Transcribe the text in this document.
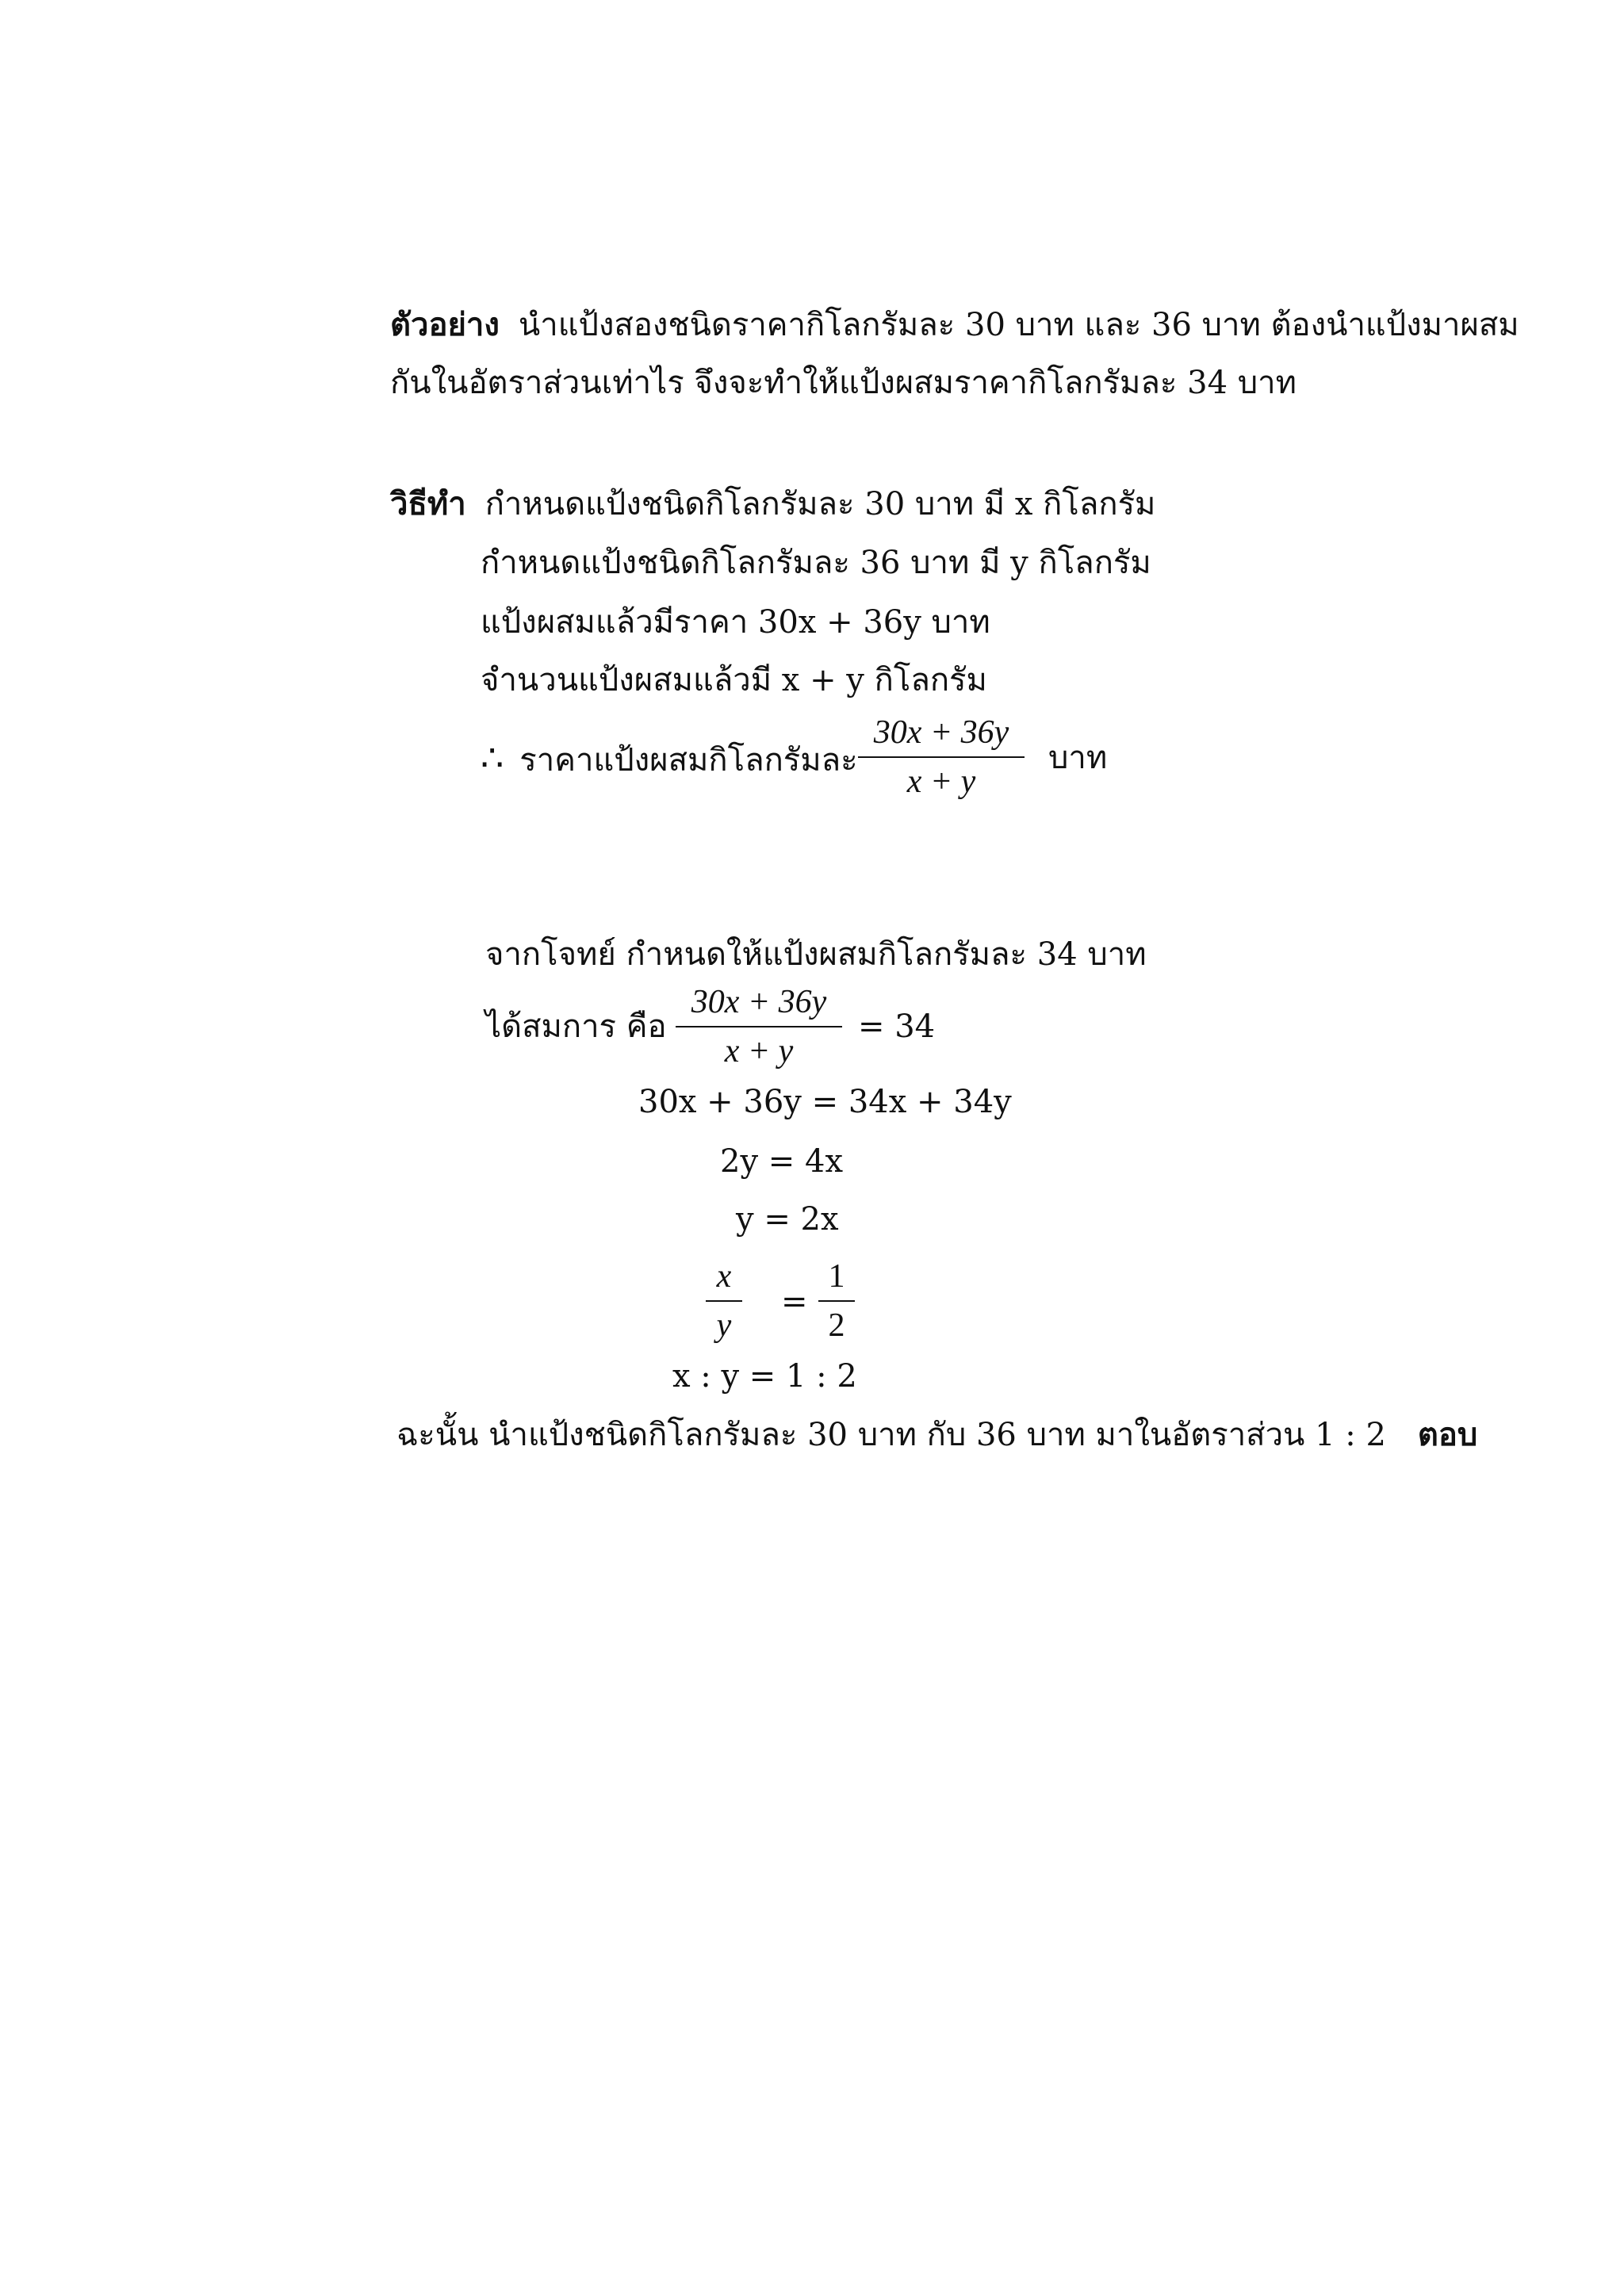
ตัวอย่าง นำแป้งสองชนิดราคากิโลกรัมละ 30 บาท และ 36 บาท ต้องนำแป้งมาผสม
กันในอัตราส่วนเท่าไร จึงจะทำให้แป้งผสมราคากิโลกรัมละ 34 บาท
วิธีทำ กำหนดแป้งชนิดกิโลกรัมละ 30 บาท มี x กิโลกรัม
กำหนดแป้งชนิดกิโลกรัมละ 36 บาท มี y กิโลกรัม
แป้งผสมแล้วมีราคา 30x + 36y บาท
จำนวนแป้งผสมแล้วมี x + y กิโลกรัม
∴ ราคาแป้งผสมกิโลกรัมละ
30x + 36y
x + y
บาท
จากโจทย์ กำหนดให้แป้งผสมกิโลกรัมละ 34 บาท
ได้สมการ คือ
30x + 36y
x + y
= 34
30x + 36y = 34x + 34y
2y = 4x
y = 2x
x
y
=
1
2
x : y = 1 : 2
ฉะนั้น นำแป้งชนิดกิโลกรัมละ 30 บาท กับ 36 บาท มาในอัตราส่วน 1 : 2 ตอบ
